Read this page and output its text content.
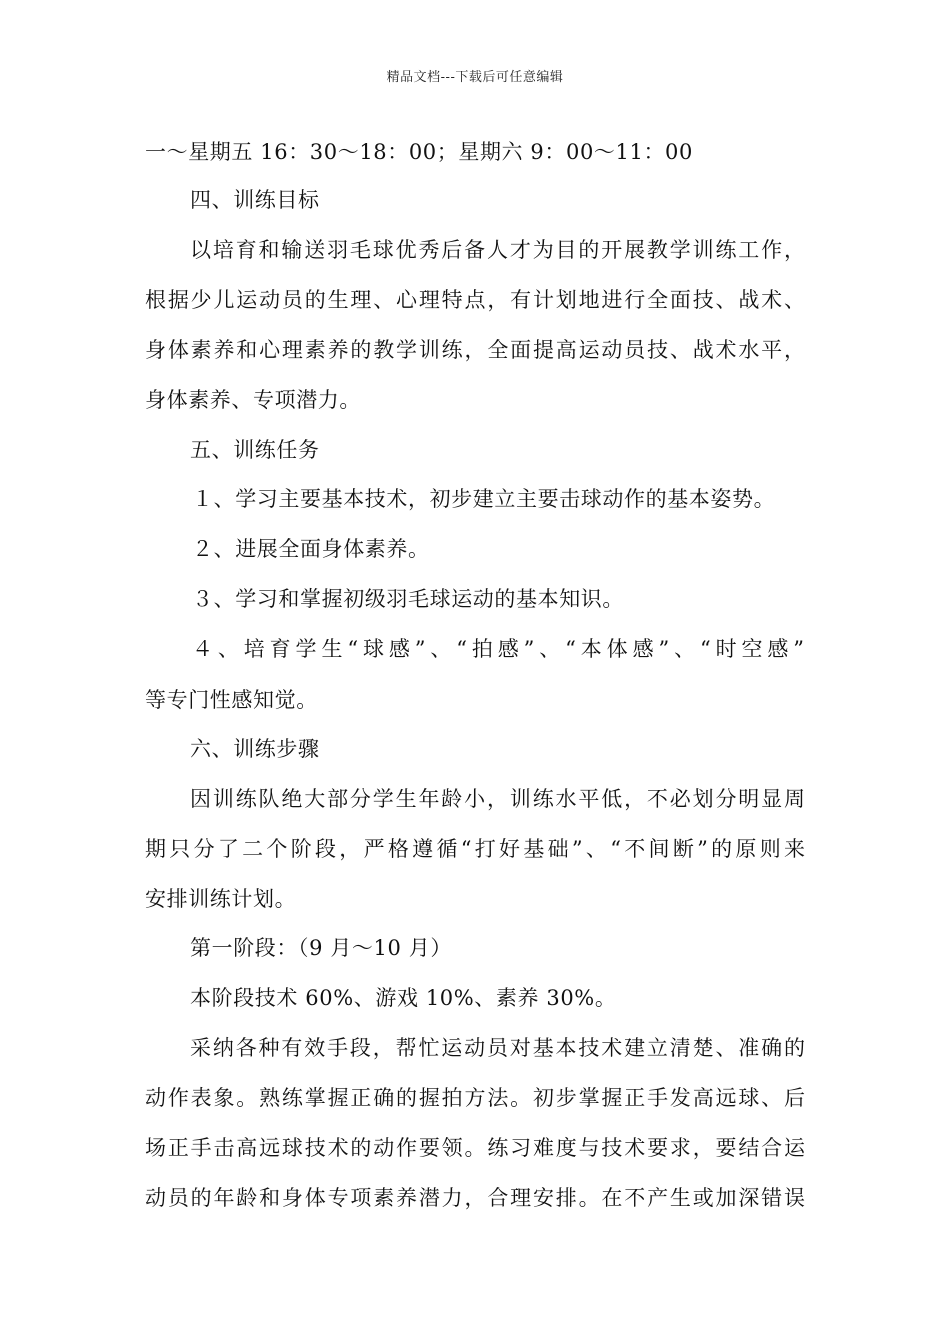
精品文档---下载后可任意编辑
一～星期五 16：30～18：00；星期六 9：00～11：00
四、训练目标
以培育和输送羽毛球优秀后备人才为目的开展教学训练工作，
根据少儿运动员的生理、心理特点，有计划地进行全面技、战术、
身体素养和心理素养的教学训练，全面提高运动员技、战术水平，
身体素养、专项潜力。
五、训练任务
１、学习主要基本技术，初步建立主要击球动作的基本姿势。
２、进展全面身体素养。
３、学习和掌握初级羽毛球运动的基本知识。
４、培育学生“球感”、“拍感”、“本体感”、“时空感”
等专门性感知觉。
六、训练步骤
因训练队绝大部分学生年龄小，训练水平低，不必划分明显周
期只分了二个阶段，严格遵循“打好基础”、“不间断”的原则来
安排训练计划。
第一阶段：（9 月～10 月）
本阶段技术 60%、游戏 10%、素养 30%。
采纳各种有效手段，帮忙运动员对基本技术建立清楚、准确的
动作表象。熟练掌握正确的握拍方法。初步掌握正手发高远球、后
场正手击高远球技术的动作要领。练习难度与技术要求，要结合运
动员的年龄和身体专项素养潜力，合理安排。在不产生或加深错误
